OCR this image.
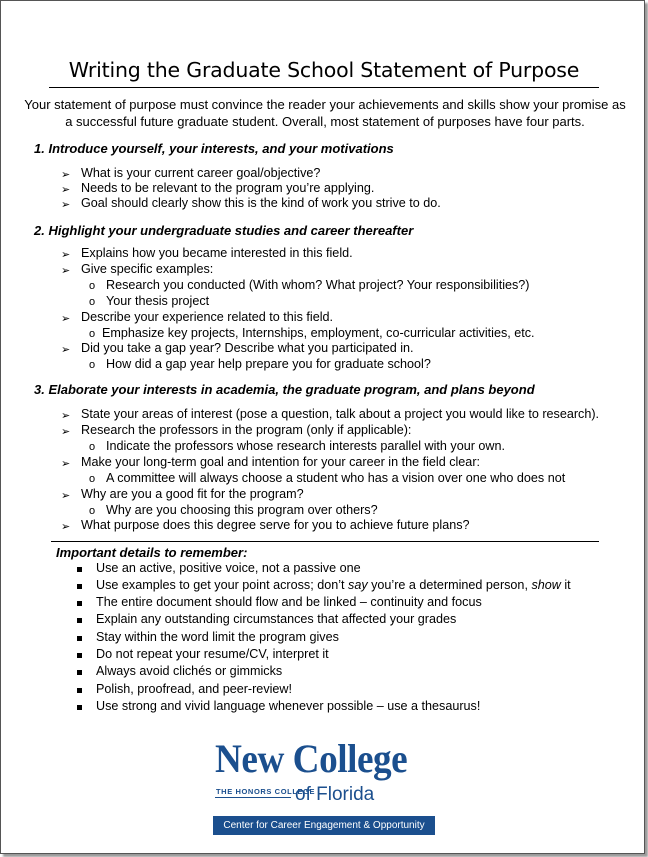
Writing the Graduate School Statement of Purpose
Your statement of purpose must convince the reader your achievements and skills show your promise as a successful future graduate student. Overall, most statement of purposes have four parts.
1. Introduce yourself, your interests, and your motivations
➢ What is your current career goal/objective?
➢ Needs to be relevant to the program you’re applying.
➢ Goal should clearly show this is the kind of work you strive to do.
2. Highlight your undergraduate studies and career thereafter
➢ Explains how you became interested in this field.
➢ Give specific examples:
o Research you conducted (With whom? What project? Your responsibilities?)
o Your thesis project
➢ Describe your experience related to this field.
o Emphasize key projects, Internships, employment, co-curricular activities, etc.
➢ Did you take a gap year? Describe what you participated in.
o How did a gap year help prepare you for graduate school?
3. Elaborate your interests in academia, the graduate program, and plans beyond
➢ State your areas of interest (pose a question, talk about a project you would like to research).
➢ Research the professors in the program (only if applicable):
o Indicate the professors whose research interests parallel with your own.
➢ Make your long-term goal and intention for your career in the field clear:
o A committee will always choose a student who has a vision over one who does not
➢ Why are you a good fit for the program?
o Why are you choosing this program over others?
➢ What purpose does this degree serve for you to achieve future plans?
Important details to remember:
Use an active, positive voice, not a passive one
Use examples to get your point across; don’t say you’re a determined person, show it
The entire document should flow and be linked – continuity and focus
Explain any outstanding circumstances that affected your grades
Stay within the word limit the program gives
Do not repeat your resume/CV, interpret it
Always avoid clichés or gimmicks
Polish, proofread, and peer-review!
Use strong and vivid language whenever possible – use a thesaurus!
New College
THE HONORS COLLEGE
of Florida
Center for Career Engagement & Opportunity
